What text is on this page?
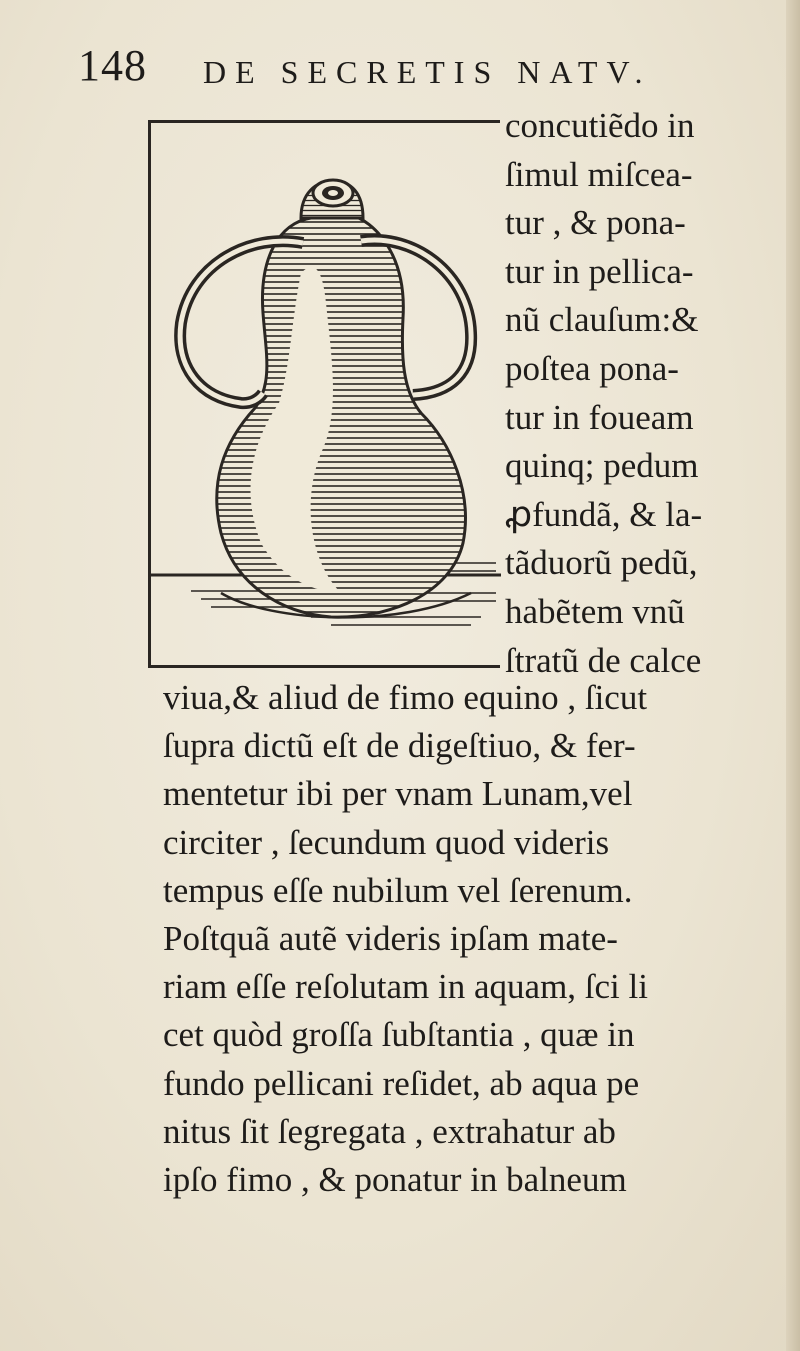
148 DE SECRETIS NATV.
concutiẽdo in
ſimul miſcea-
tur , & pona-
tur in pellica-
nũ clauſum:&
poſtea pona-
tur in foueam
quinq; pedum
ꝓfundã, & la-
tãduorũ pedũ,
habẽtem vnũ
ſtratũ de calce
viua,& aliud de fimo equino , ſicut
ſupra dictũ eſt de digeſtiuo, & fer-
mentetur ibi per vnam Lunam,vel
circiter , ſecundum quod videris
tempus eſſe nubilum vel ſerenum.
Poſtquã autẽ videris ipſam mate-
riam eſſe reſolutam in aquam, ſci li
cet quòd groſſa ſubſtantia , quæ in
fundo pellicani reſidet, ab aqua pe
nitus ſit ſegregata , extrahatur ab
ipſo fimo , & ponatur in balneum
